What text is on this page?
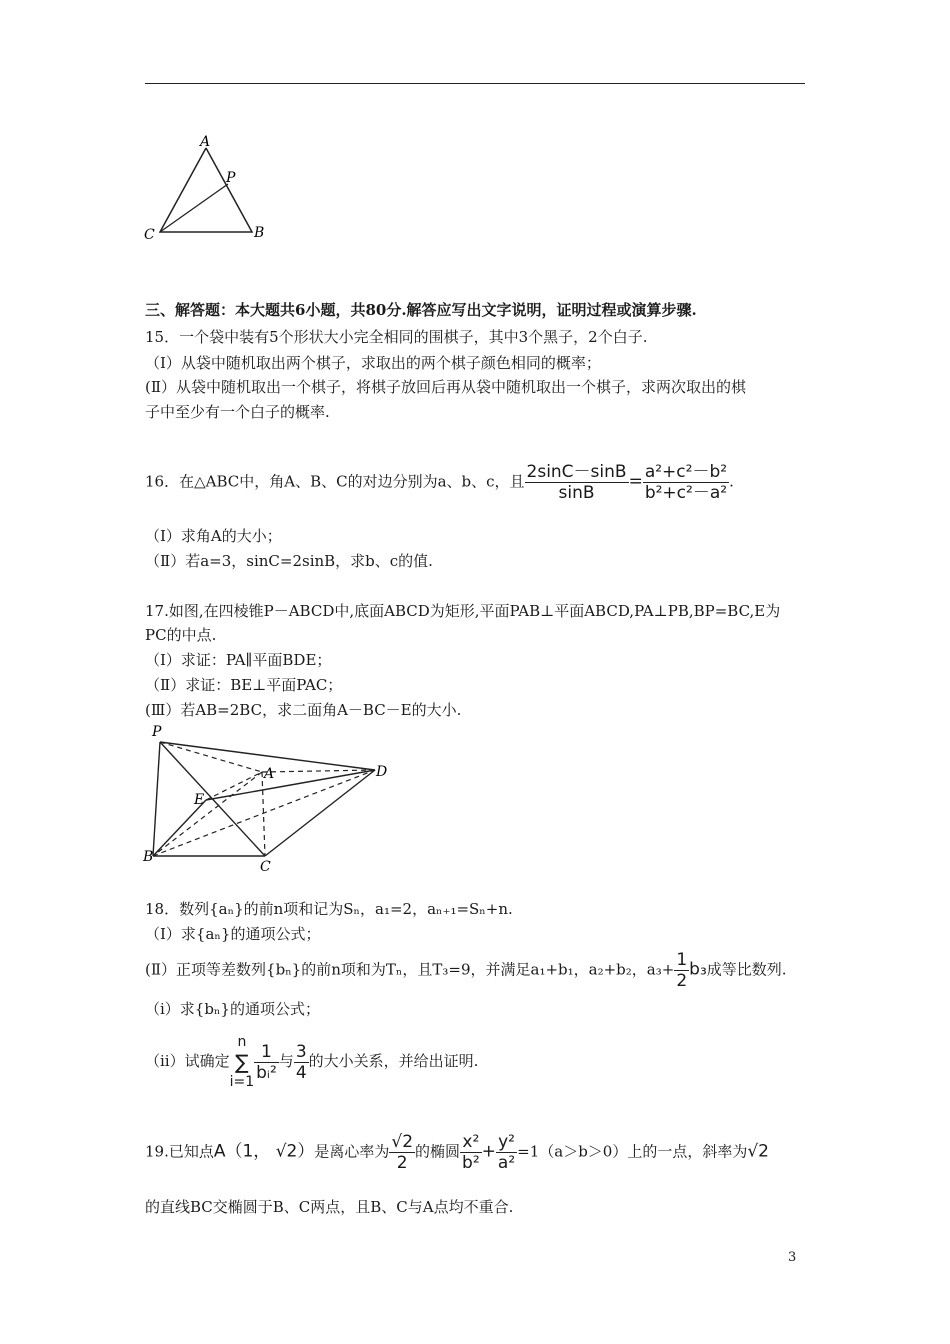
A
P
C	B
三、解答题：本大题共6小题，共80分.解答应写出文字说明，证明过程或演算步骤.
15．一个袋中装有5个形状大小完全相同的围棋子，其中3个黑子，2个白子.
（Ⅰ）从袋中随机取出两个棋子，求取出的两个棋子颜色相同的概率；
(Ⅱ）从袋中随机取出一个棋子，将棋子放回后再从袋中随机取出一个棋子，求两次取出的棋
子中至少有一个白子的概率.
16．在△ABC中，角A、B、C的对边分别为a、b、c，且 $\frac{2\sin C-\sin B}{\sin B} = \frac{\text{a²+c²－b²}}{\text{b²+c²－a²}}$ .
（Ⅰ）求角A的大小；
（Ⅱ）若a=3，sinC=2sinB，求b、c的值.
17.如图,在四棱锥P－ABCD中,底面ABCD为矩形,平面PAB⊥平面ABCD,PA⊥PB,BP=BC,E为
PC的中点.
（Ⅰ）求证：PA∥平面BDE；
（Ⅱ）求证：BE⊥平面PAC；
(Ⅲ）若AB=2BC，求二面角A－BC－E的大小.
P
A	D
E
B
C
18．数列{aₙ}的前n项和记为Sₙ，a₁=2，aₙ₊₁=Sₙ+n.
（Ⅰ）求{aₙ}的通项公式；
(Ⅱ）正项等差数列{bₙ}的前n项和为Tₙ，且T₃=9，并满足a₁+b₁，a₂+b₂，$a_3+ \frac{1}{2} b_3$成等比数列.
（ⅰ）求{bₙ}的通项公式；
（ⅱ）试确定
n
∑
$i=1 \frac{1}{\text{bᵢ²}}$ 与 $\frac{3}{4}$ 的大小关系，并给出证明.
19.已知点A（1， √2）是离心率为 $\frac{√2}{2}$ 的椭圆 $\frac{\text{x²}}{\text{b²}} + \frac{\text{y²}}{\text{a²}} =1(a>b>0)$上的一点，斜率为√2
的直线BC交椭圆于B、C两点，且B、C与A点均不重合.
3
